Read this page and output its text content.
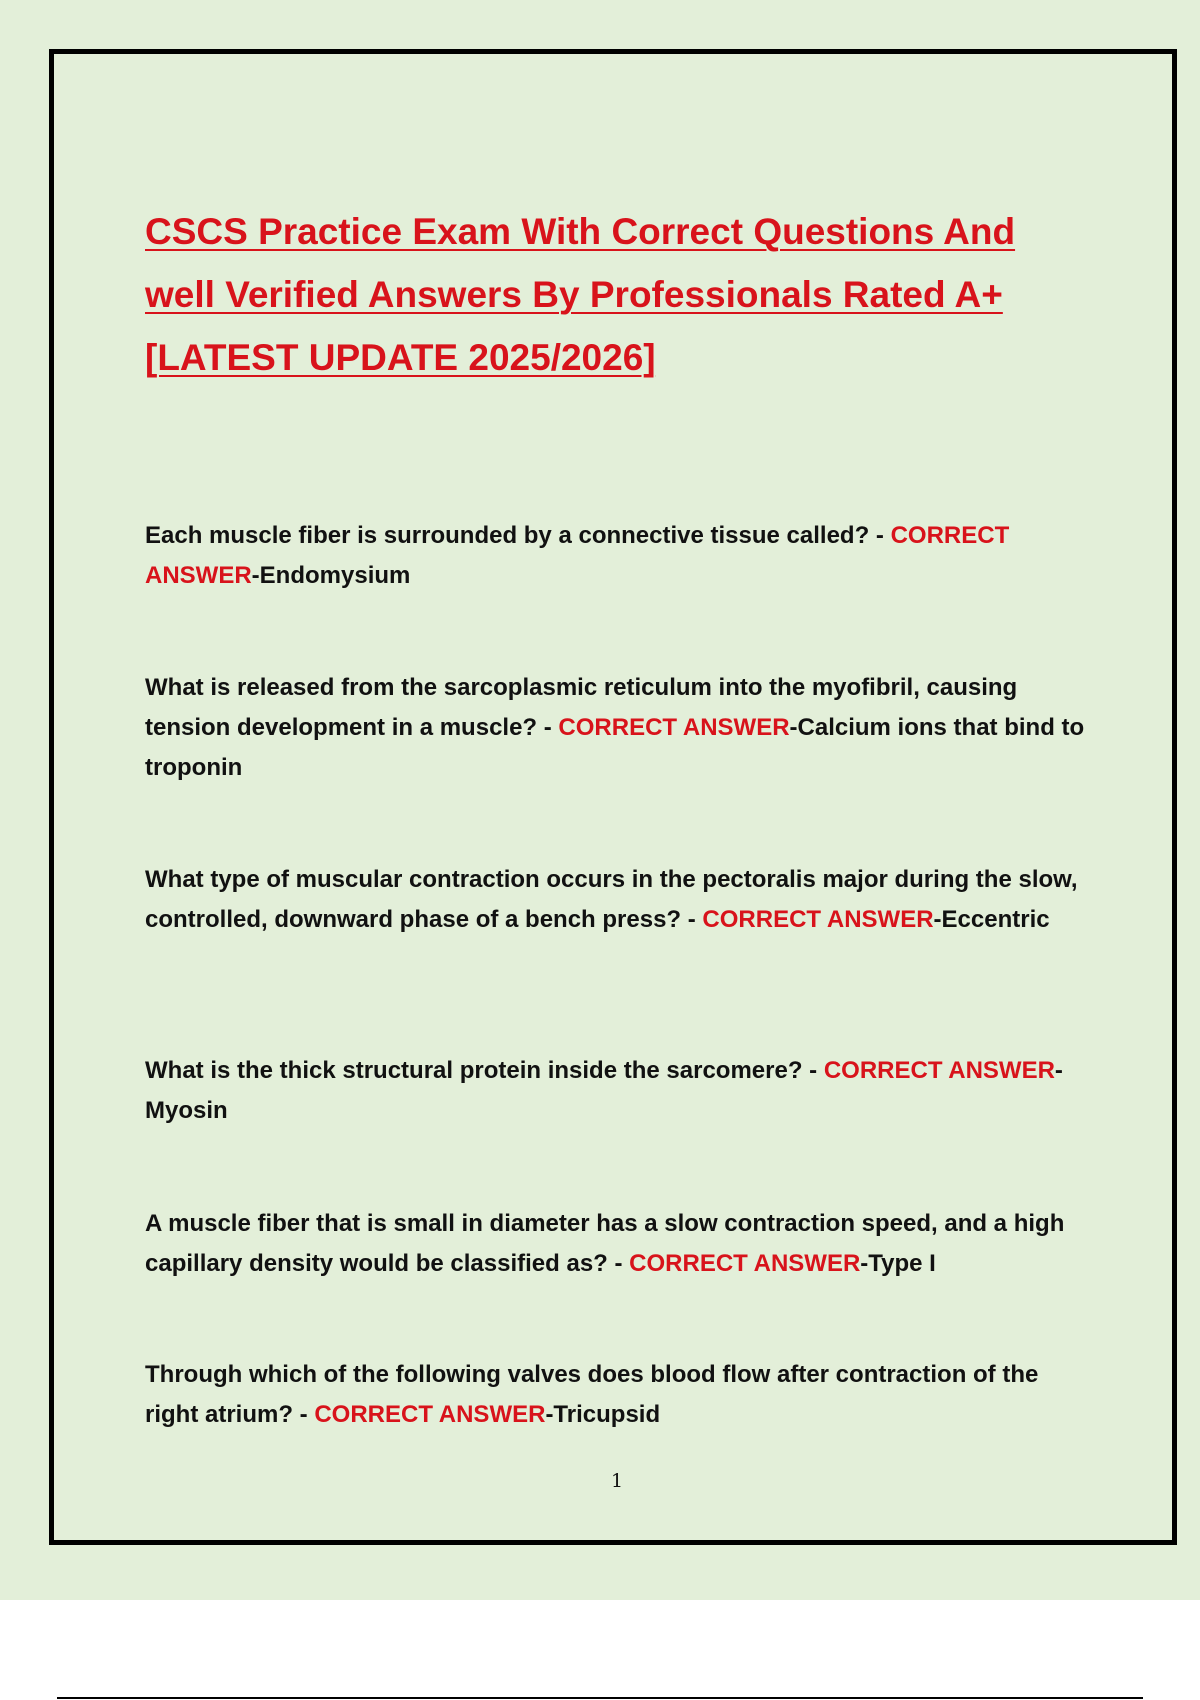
CSCS Practice Exam With Correct Questions And well Verified Answers By Professionals Rated A+ [LATEST UPDATE 2025/2026]

Each muscle fiber is surrounded by a connective tissue called? - CORRECT ANSWER-Endomysium

What is released from the sarcoplasmic reticulum into the myofibril, causing tension development in a muscle? - CORRECT ANSWER-Calcium ions that bind to troponin

What type of muscular contraction occurs in the pectoralis major during the slow, controlled, downward phase of a bench press? - CORRECT ANSWER-Eccentric

What is the thick structural protein inside the sarcomere? - CORRECT ANSWER-Myosin

A muscle fiber that is small in diameter has a slow contraction speed, and a high capillary density would be classified as? - CORRECT ANSWER-Type I

Through which of the following valves does blood flow after contraction of the right atrium? - CORRECT ANSWER-Tricupsid

1
